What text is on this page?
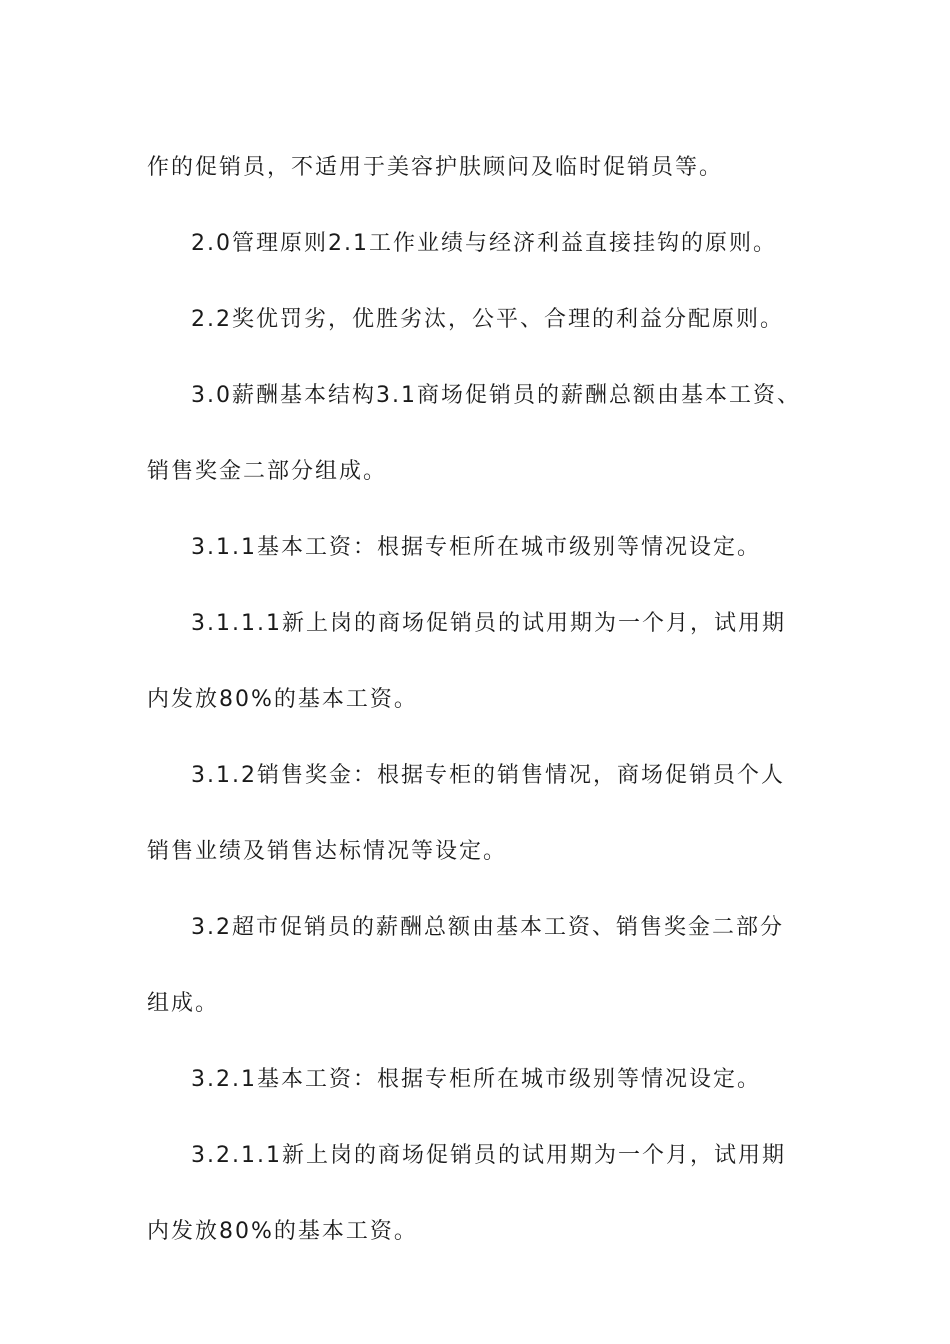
作的促销员，不适用于美容护肤顾问及临时促销员等。

2.0管理原则2.1工作业绩与经济利益直接挂钩的原则。

2.2奖优罚劣，优胜劣汰，公平、合理的利益分配原则。

3.0薪酬基本结构3.1商场促销员的薪酬总额由基本工资、

销售奖金二部分组成。

3.1.1基本工资：根据专柜所在城市级别等情况设定。

3.1.1.1新上岗的商场促销员的试用期为一个月，试用期

内发放80%的基本工资。

3.1.2销售奖金：根据专柜的销售情况，商场促销员个人

销售业绩及销售达标情况等设定。

3.2超市促销员的薪酬总额由基本工资、销售奖金二部分

组成。

3.2.1基本工资：根据专柜所在城市级别等情况设定。

3.2.1.1新上岗的商场促销员的试用期为一个月，试用期

内发放80%的基本工资。
